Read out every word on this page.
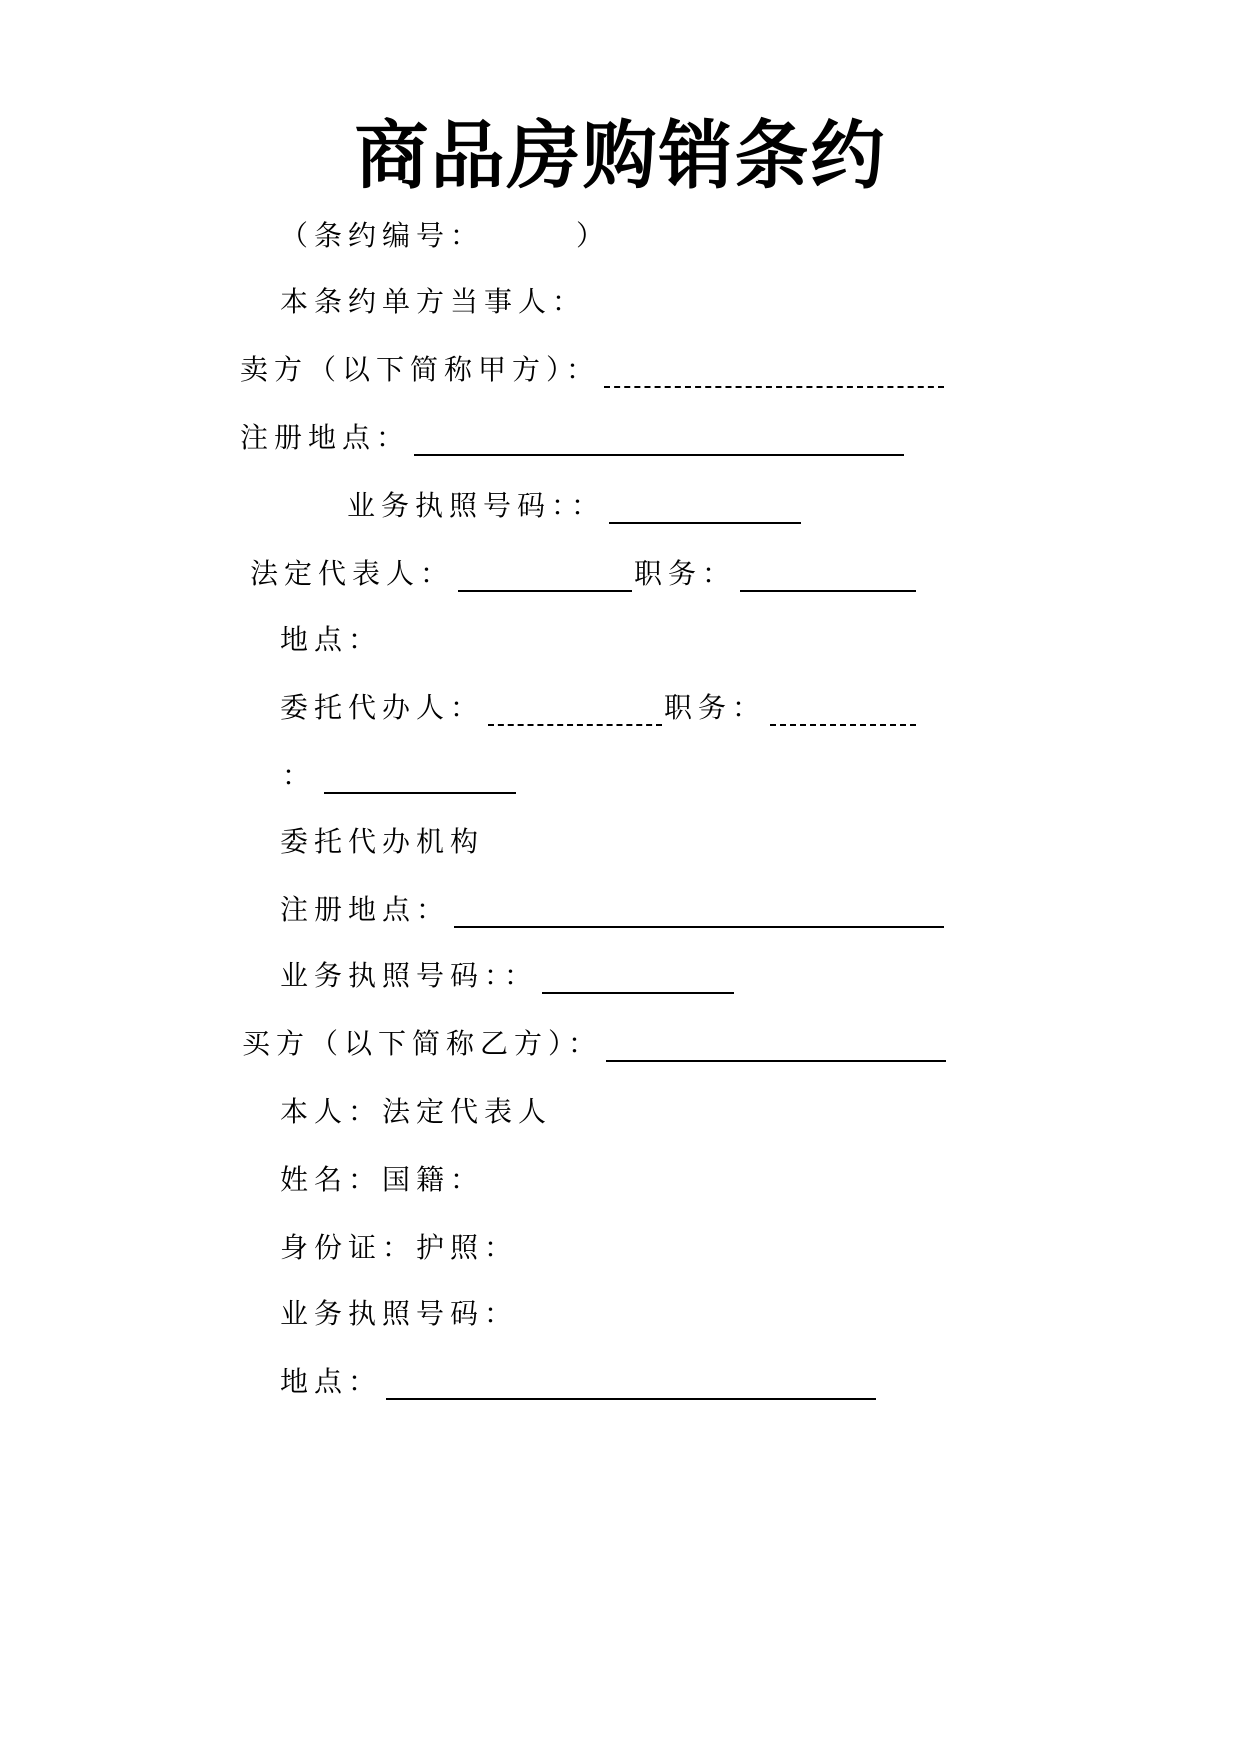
商品房购销条约
（条约编号：	）
本条约单方当事人：
卖方（以下简称甲方）：
注册地点：
业务执照号码：：
法定代表人：	职务：
地点：
委托代办人：	职务：
：
委托代办机构
注册地点：
业务执照号码：：
买方（以下简称乙方）：
本人：法定代表人
姓名：国籍：
身份证：护照：
业务执照号码：
地点：
